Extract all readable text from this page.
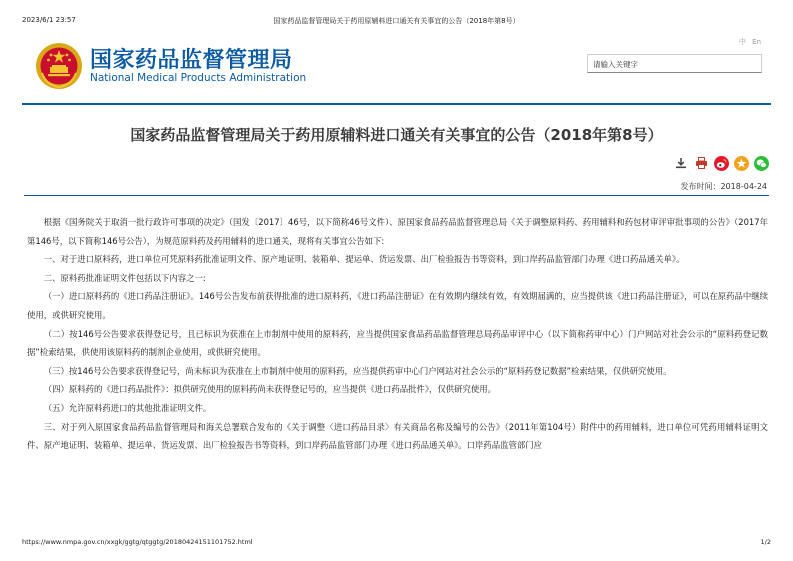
2023/6/1 23:57	国家药品监督管理局关于药用原辅料进口通关有关事宜的公告（2018年第8号）
国家药品监督管理局
National Medical Products Administration
中 En
请输入关键字
国家药品监督管理局关于药用原辅料进口通关有关事宜的公告（2018年第8号）
发布时间：2018-04-24

根据《国务院关于取消一批行政许可事项的决定》（国发〔2017〕46号，以下简称46号文件）、原国家食品药品监督管理总局《关于调整原料药、药用辅料和药包材审评审批事项的公告》（2017年第146号，以下简称146号公告），为规范原料药及药用辅料的进口通关，现将有关事宜公告如下:

一、对于进口原料药，进口单位可凭原料药批准证明文件、原产地证明、装箱单、提运单、货运发票、出厂检验报告书等资料，到口岸药品监管部门办理《进口药品通关单》。

二、原料药批准证明文件包括以下内容之一:

（一）进口原料药的《进口药品注册证》。146号公告发布前获得批准的进口原料药，《进口药品注册证》在有效期内继续有效，有效期届满的，应当提供该《进口药品注册证》，可以在原药品中继续使用，或供研究使用。

（二）按146号公告要求获得登记号，且已标识为获准在上市制剂中使用的原料药，应当提供国家食品药品监督管理总局药品审评中心（以下简称药审中心）门户网站对社会公示的“原料药登记数据”检索结果，供使用该原料药的制剂企业使用，或供研究使用。

（三）按146号公告要求获得登记号，尚未标识为获准在上市制剂中使用的原料药，应当提供药审中心门户网站对社会公示的“原料药登记数据”检索结果，仅供研究使用。

（四）原料药的《进口药品批件》：拟供研究使用的原料药尚未获得登记号的，应当提供《进口药品批件》，仅供研究使用。

（五）允许原料药进口的其他批准证明文件。

三、对于列入原国家食品药品监督管理局和海关总署联合发布的《关于调整〈进口药品目录〉有关商品名称及编号的公告》（2011年第104号）附件中的药用辅料，进口单位可凭药用辅料证明文件、原产地证明、装箱单、提运单、货运发票、出厂检验报告书等资料，到口岸药品监管部门办理《进口药品通关单》。口岸药品监管部门应

https://www.nmpa.gov.cn/xxgk/ggtg/qtggtg/20180424151101752.html	1/2
